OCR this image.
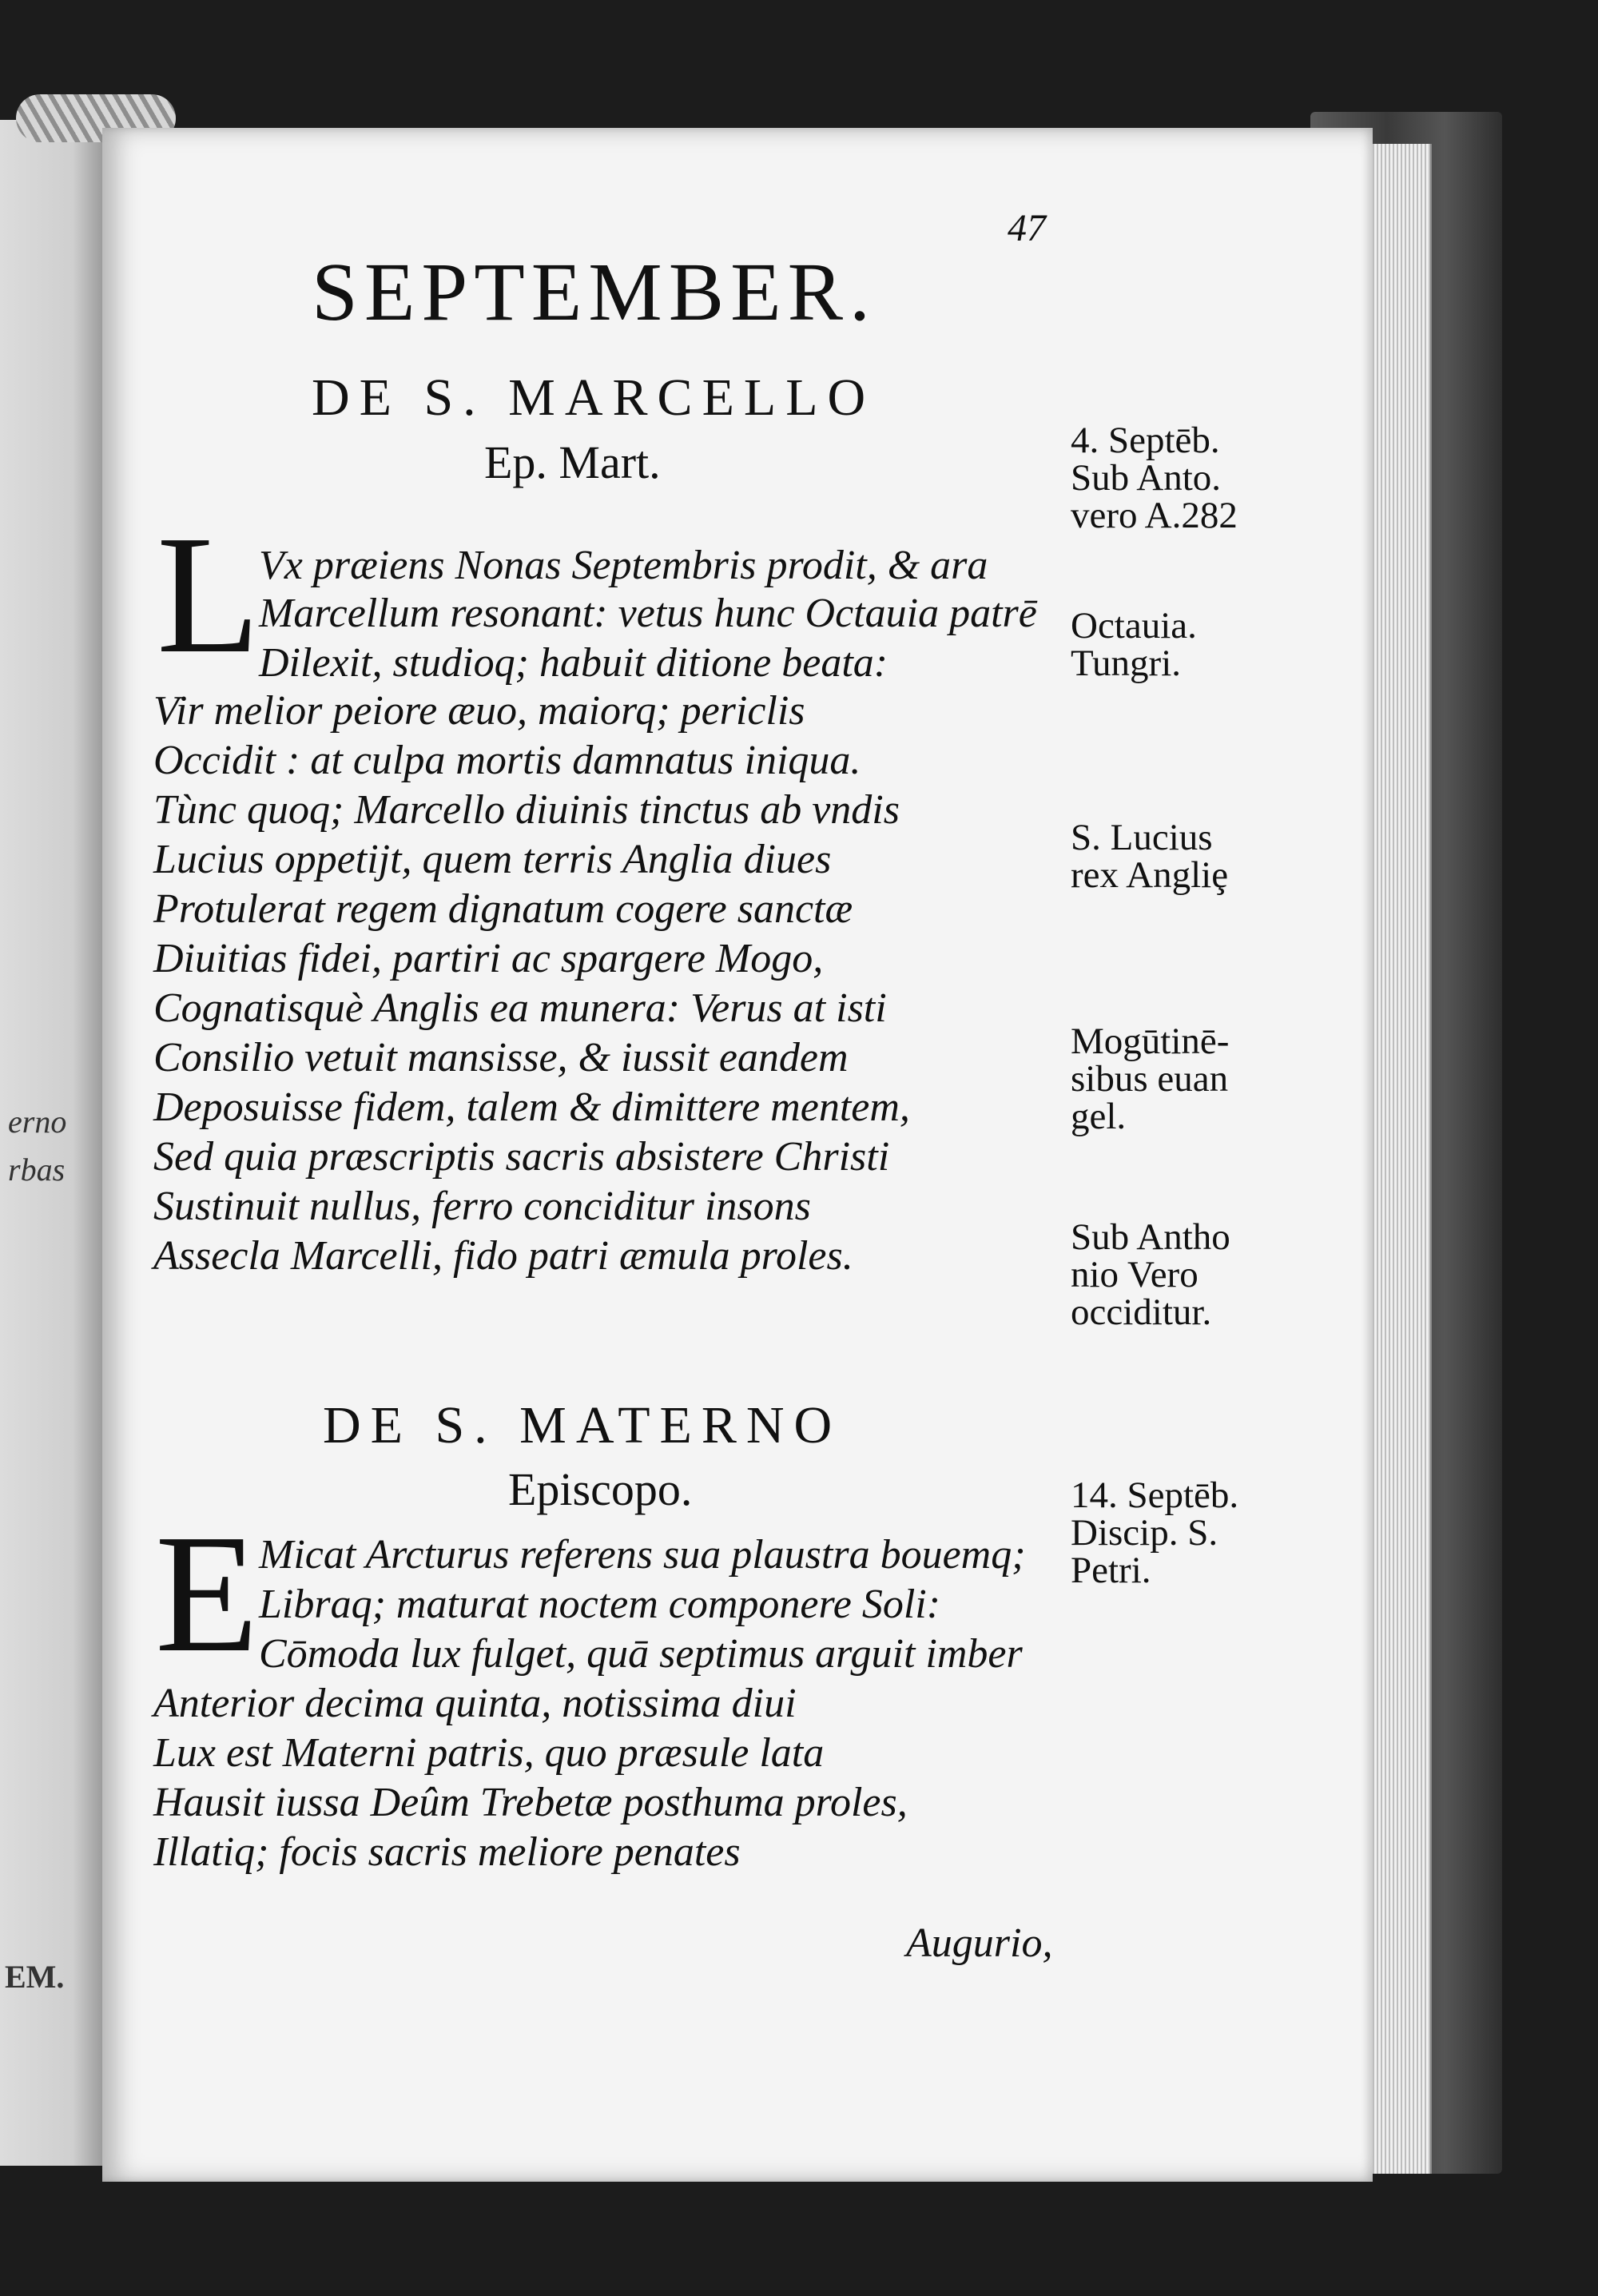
erno
rbas
EM.
47
SEPTEMBER.
DE S. MARCELLO
Ep. Mart.
L
Vx præiens Nonas Septembris prodit, & ara
Marcellum resonant: vetus hunc Octauia patrē
Dilexit, studioq; habuit ditione beata:
Vir melior peiore æuo, maiorq; periclis
Occidit : at culpa mortis damnatus iniqua.
Tùnc quoq; Marcello diuinis tinctus ab vndis
Lucius oppetijt, quem terris Anglia diues
Protulerat regem dignatum cogere sanctæ
Diuitias fidei, partiri ac spargere Mogo,
Cognatisquè Anglis ea munera: Verus at isti
Consilio vetuit mansisse, & iussit eandem
Deposuisse fidem, talem & dimittere mentem,
Sed quia præscriptis sacris absistere Christi
Sustinuit nullus, ferro conciditur insons
Assecla Marcelli, fido patri æmula proles.
DE S. MATERNO
Episcopo.
E Micat Arcturus referens sua plaustra bouemq;
Libraq; maturat noctem componere Soli:
Cōmoda lux fulget, quā septimus arguit imber
Anterior decima quinta, notissima diui
Lux est Materni patris, quo præsule lata
Hausit iussa Deûm Trebetæ posthuma proles,
Illatiq; focis sacris meliore penates
Augurio,
4. Septēb.
Sub Anto.
vero A.282
Octauia.
Tungri.
S. Lucius
rex Angliȩ
Mogūtinē-
sibus euan
gel.
Sub Antho
nio Vero
occiditur.
14. Septēb.
Discip. S.
Petri.
